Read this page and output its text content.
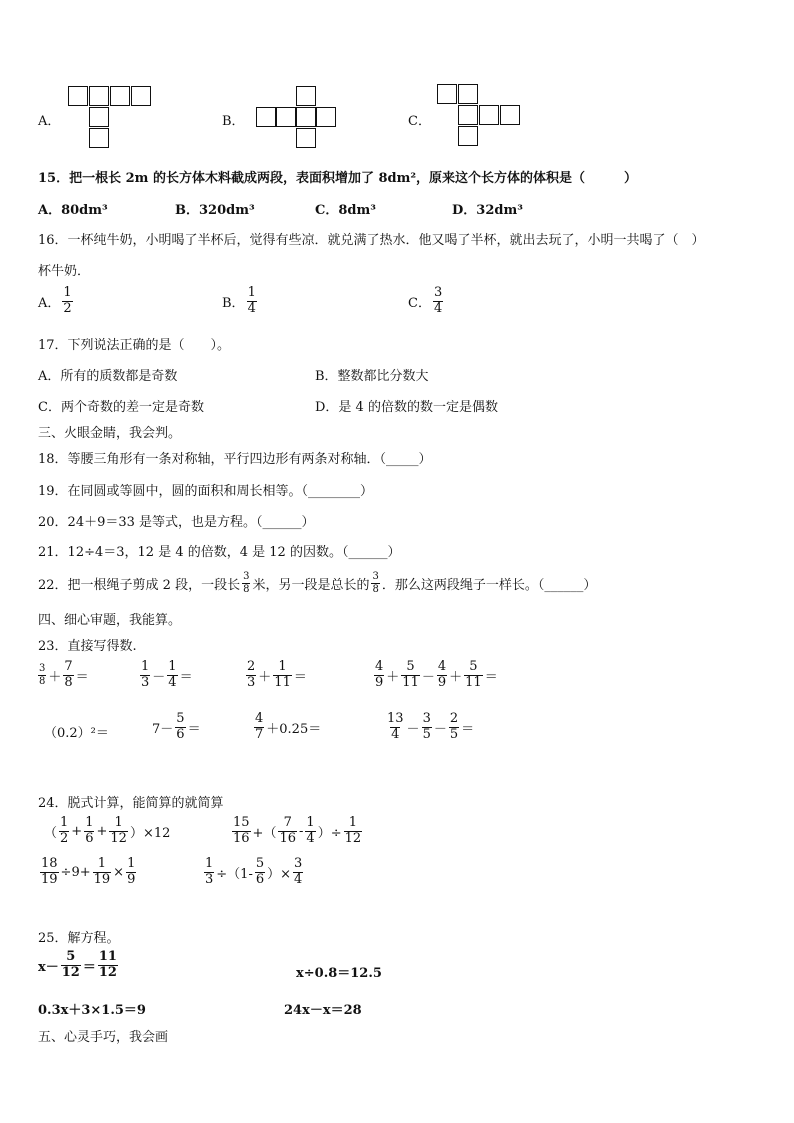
A．	B．	C．
15．把一根长 2m 的长方体木料截成两段，表面积增加了 8dm²，原来这个长方体的体积是（　　　）
A．80dm³	B．320dm³	C．8dm³	D．32dm³
16．一杯纯牛奶，小明喝了半杯后，觉得有些凉．就兑满了热水．他又喝了半杯，就出去玩了，小明一共喝了（　）
杯牛奶．
A． $\frac{1}{2}$	B． $\frac{1}{4}$	C． $\frac{3}{4}$
17．下列说法正确的是（　　）。
A．所有的质数都是奇数	B．整数都比分数大
C．两个奇数的差一定是奇数	D．是 4 的倍数的数一定是偶数
三、火眼金睛，我会判。
18．等腰三角形有一条对称轴，平行四边形有两条对称轴．（_____）
19．在同圆或等圆中，圆的面积和周长相等。（________）
20．24＋9＝33 是等式，也是方程。（______）
21．12÷4＝3，12 是 4 的倍数，4 是 12 的因数。（______）
22．把一根绳子剪成 2 段，一段长 $\frac{3}{8}$ 米，另一段是总长的 $\frac{3}{8}$ ．那么这两段绳子一样长。（______）
四、细心审题，我能算。
23．直接写得数.
$\frac{3}{8} + \frac{7}{8}$ ＝	$\frac{1}{3} - \frac{1}{4}$ ＝	$\frac{2}{3} + \frac{1}{11}$ ＝	$\frac{4}{9} + \frac{5}{11} - \frac{4}{9} + \frac{5}{11}$ ＝
（0.2）²＝	$7- \frac{5}{6}$ ＝	$\frac{4}{7} +0.25=$	$\frac{13}{4} - \frac{3}{5} - \frac{2}{5}$ ＝
24．脱式计算，能简算的就简算
（ $\frac{1}{2} + \frac{1}{6} + \frac{1}{12} )\times 12$	$\frac{15}{16}$ +（ $\frac{7}{16} - \frac{1}{4}$ ）÷ $\frac{1}{12}$
$\frac{18}{19} \div 9+ \frac{1}{19} \times \frac{1}{9}$	$\frac{1}{3} \div(1- \frac{5}{6}$ ）× $\frac{3}{4}$
25．解方程。
$x- \frac{5}{12} = \frac{11}{12}$	x÷0.8＝12.5
0.3x＋3×1.5＝9	24x－x＝28
五、心灵手巧，我会画
